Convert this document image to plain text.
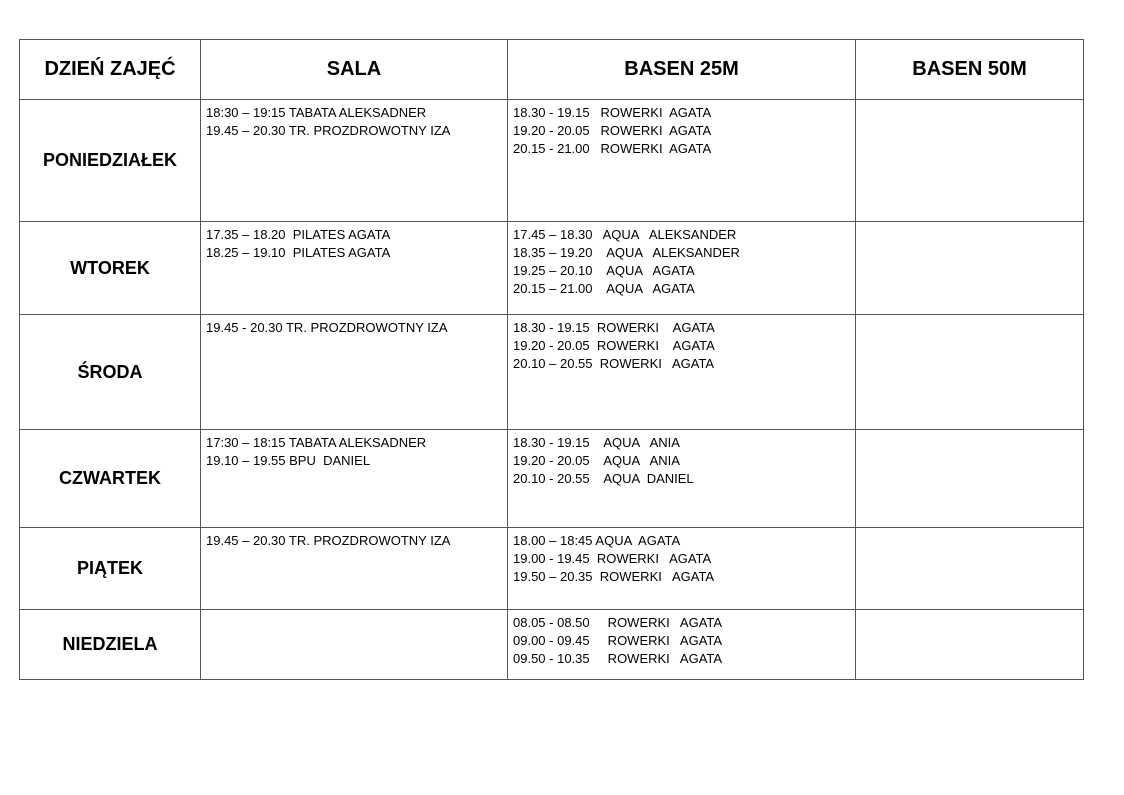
DZIEŃ ZAJĘĆ	SALA	BASEN 25M	BASEN 50M
PONIEDZIAŁEK	18:30 – 19:15 TABATA ALEKSADNER
19.45 – 20.30 TR. PROZDROWOTNY IZA	18.30 - 19.15   ROWERKI  AGATA
19.20 - 20.05   ROWERKI  AGATA
20.15 - 21.00   ROWERKI  AGATA	

WTOREK	17.35 – 18.20  PILATES AGATA
18.25 – 19.10  PILATES AGATA	17.45 – 18.30   AQUA   ALEKSANDER
18.35 – 19.20    AQUA   ALEKSANDER
19.25 – 20.10    AQUA   AGATA
20.15 – 21.00    AQUA   AGATA	

ŚRODA	19.45 - 20.30 TR. PROZDROWOTNY IZA	18.30 - 19.15  ROWERKI    AGATA
19.20 - 20.05  ROWERKI    AGATA
20.10 – 20.55  ROWERKI   AGATA	

CZWARTEK	17:30 – 18:15 TABATA ALEKSADNER
19.10 – 19.55 BPU  DANIEL	18.30 - 19.15    AQUA   ANIA
19.20 - 20.05    AQUA   ANIA
20.10 - 20.55    AQUA  DANIEL	

PIĄTEK	19.45 – 20.30 TR. PROZDROWOTNY IZA	18.00 – 18:45 AQUA  AGATA
19.00 - 19.45  ROWERKI   AGATA
19.50 – 20.35  ROWERKI   AGATA	

NIEDZIELA		08.05 - 08.50     ROWERKI   AGATA
09.00 - 09.45     ROWERKI   AGATA
09.50 - 10.35     ROWERKI   AGATA	
